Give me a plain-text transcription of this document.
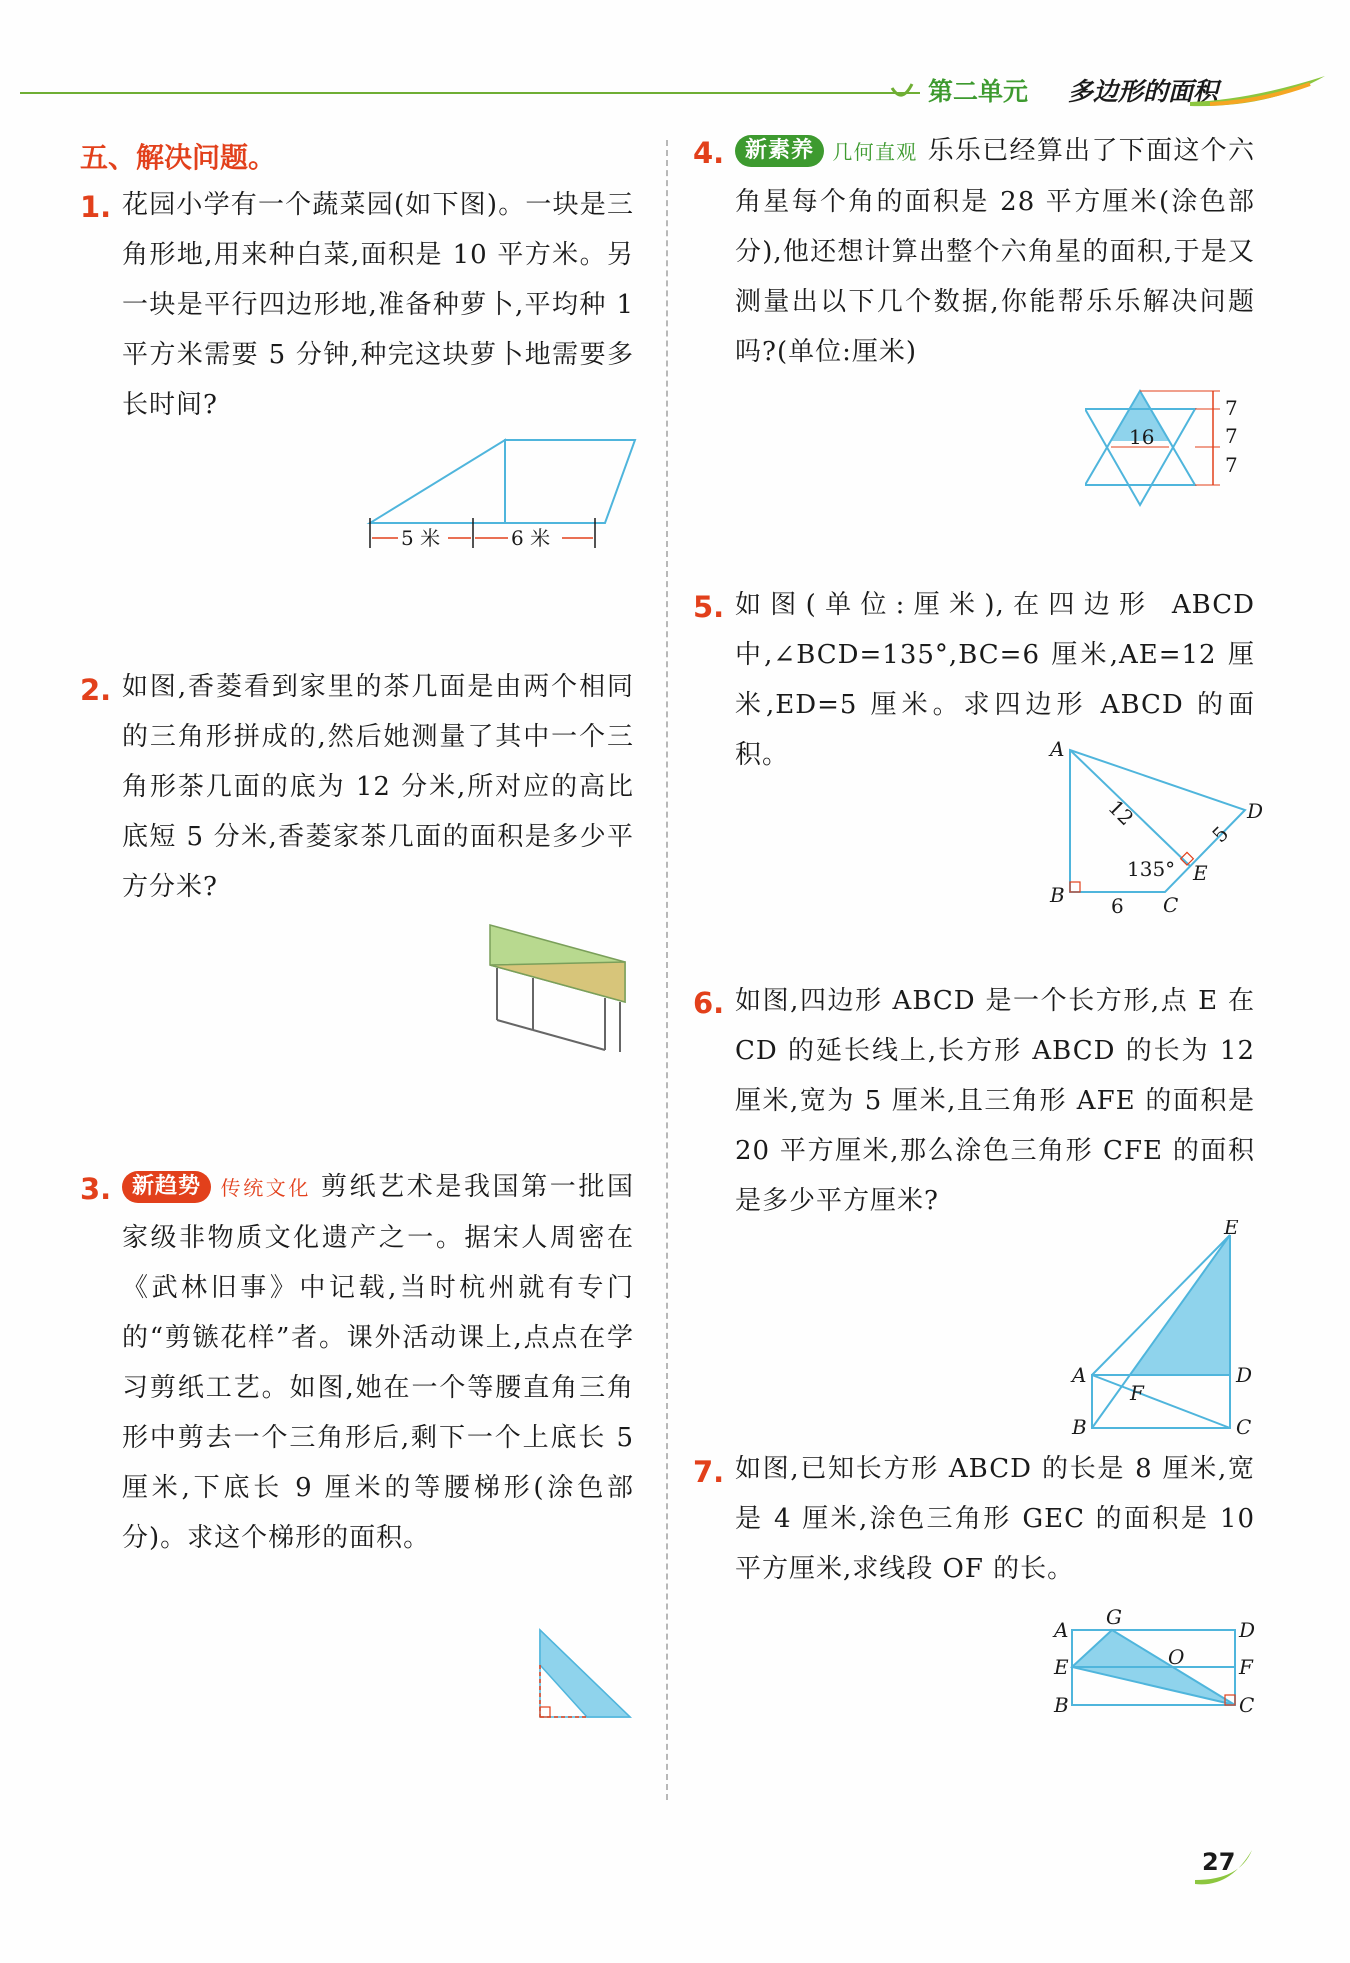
第二单元 多边形的面积
五、解决问题。
1. 花园小学有一个蔬菜园(如下图)。一块是三角形地,用来种白菜,面积是 10 平方米。另一块是平行四边形地,准备种萝卜,平均种 1 平方米需要 5 分钟,种完这块萝卜地需要多长时间?
5 米	6 米
2. 如图,香菱看到家里的茶几面是由两个相同的三角形拼成的,然后她测量了其中一个三角形茶几面的底为 12 分米,所对应的高比底短 5 分米,香菱家茶几面的面积是多少平方分米?
3. 新趋势 传统文化 剪纸艺术是我国第一批国家级非物质文化遗产之一。据宋人周密在《武林旧事》中记载,当时杭州就有专门的“剪镞花样”者。课外活动课上,点点在学习剪纸工艺。如图,她在一个等腰直角三角形中剪去一个三角形后,剩下一个上底长 5 厘米,下底长 9 厘米的等腰梯形(涂色部分)。求这个梯形的面积。
4. 新素养 几何直观 乐乐已经算出了下面这个六角星每个角的面积是 28 平方厘米(涂色部分),他还想计算出整个六角星的面积,于是又测量出以下几个数据,你能帮乐乐解决问题吗?(单位:厘米)
16
7
7
7
5. 如图(单位:厘米),在四边形 ABCD 中,∠BCD=135°,BC=6 厘米,AE=12 厘米,ED=5 厘米。求四边形 ABCD 的面积。	A
B	C
D
E
12
5
6
135°
6. 如图,四边形 ABCD 是一个长方形,点 E 在 CD 的延长线上,长方形 ABCD 的长为 12 厘米,宽为 5 厘米,且三角形 AFE 的面积是 20 平方厘米,那么涂色三角形 CFE 的面积是多少平方厘米?
A
B	C
D
E
F
7. 如图,已知长方形 ABCD 的长是 8 厘米,宽是 4 厘米,涂色三角形 GEC 的面积是 10 平方厘米,求线段 OF 的长。
A
B	C
D
E	F
G
O
27
